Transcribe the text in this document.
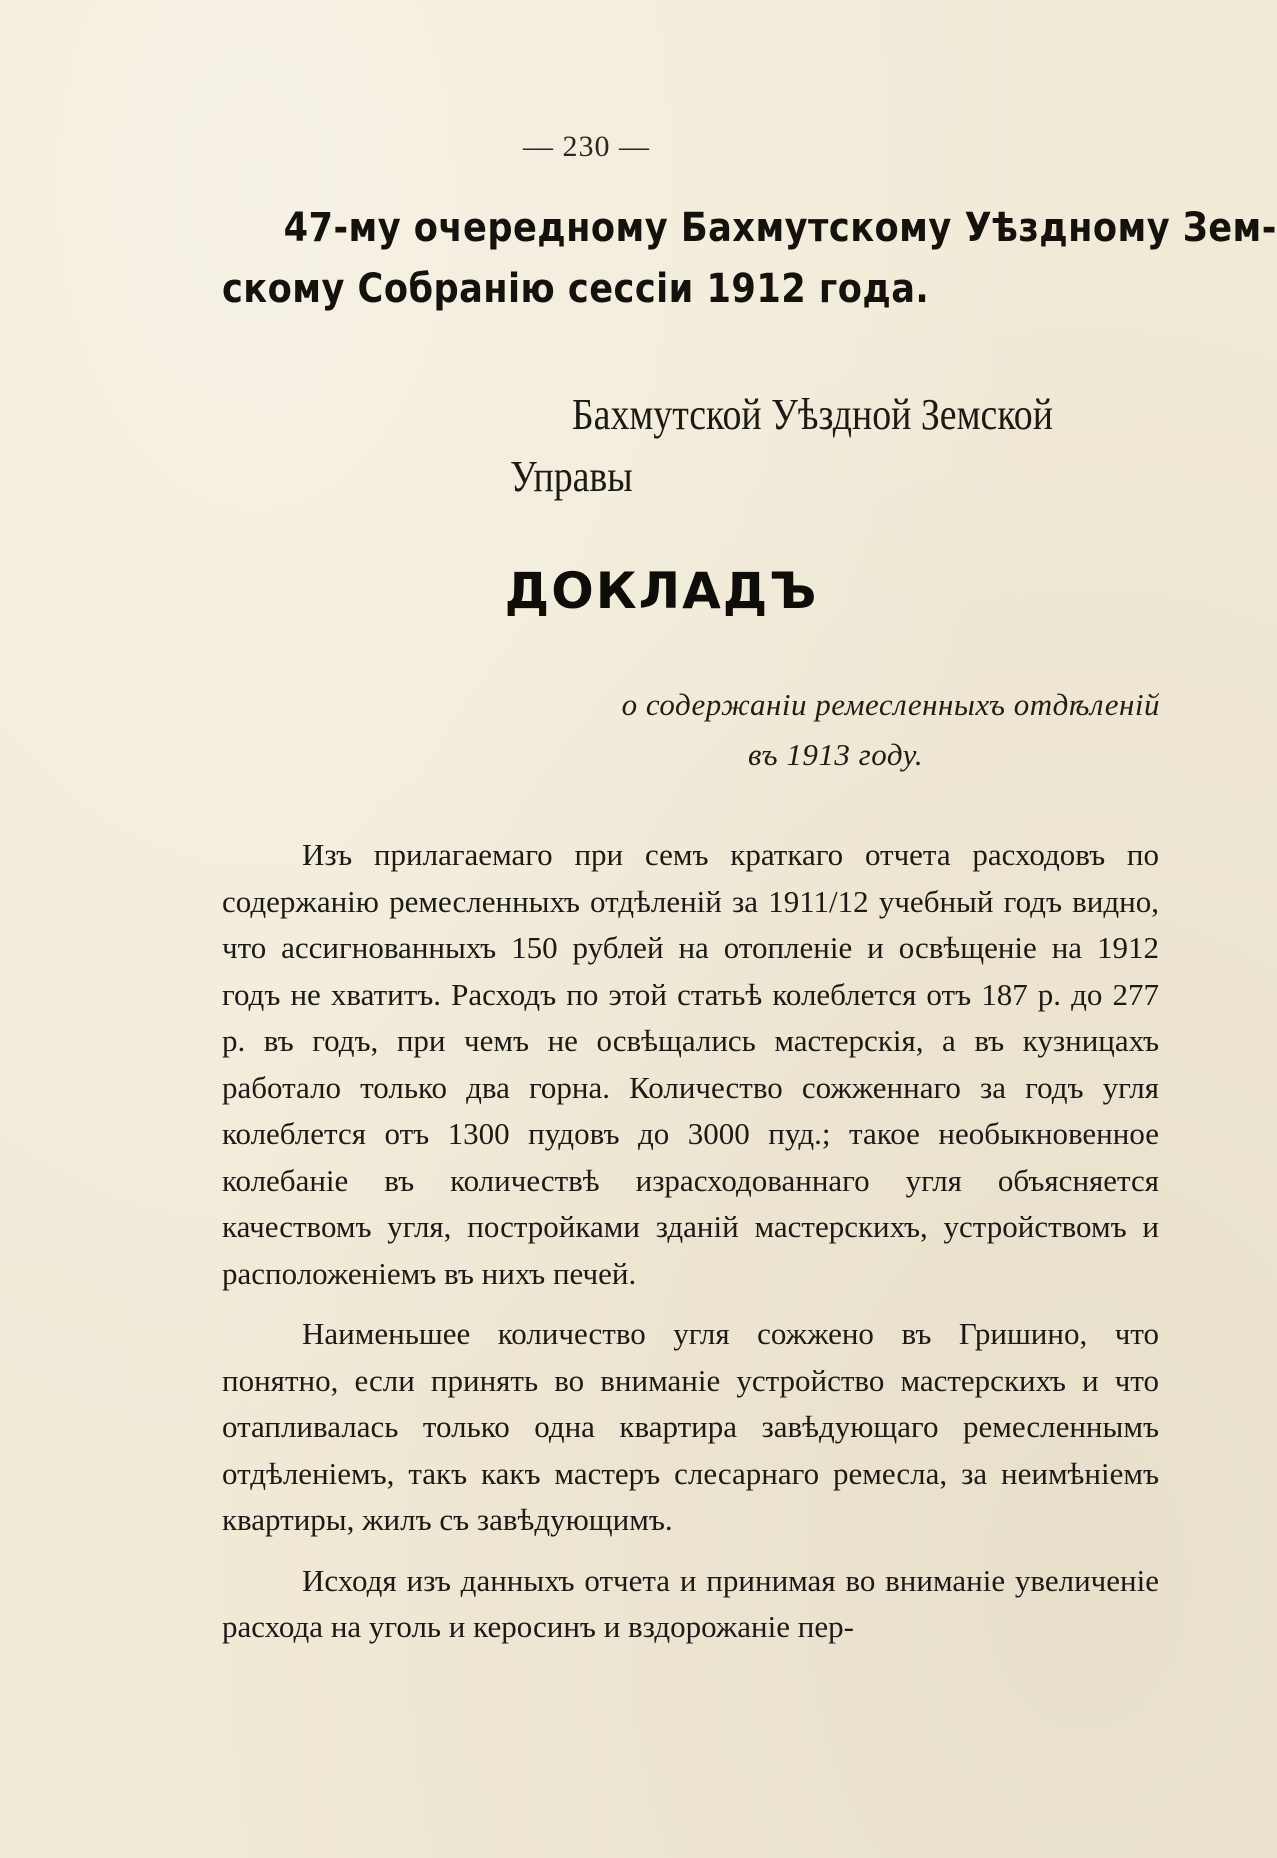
— 230 —
47-му очередному Бахмутскому Уѣздному Зем-
скому Собранію сессіи 1912 года.
Бахмутской Уѣздной Земской
Управы
ДОКЛАДЪ
о содержаніи ремесленныхъ отдѣленій
въ 1913 году.

Изъ прилагаемаго при семъ краткаго отчета расходовъ по содержанію ремесленныхъ отдѣленій за 1911/12 учебный годъ видно, что ассигнованныхъ 150 рублей на отопленіе и освѣщеніе на 1912 годъ не хватитъ. Расходъ по этой статьѣ колеблется отъ 187 р. до 277 р. въ годъ, при чемъ не освѣщались мастерскія, а въ кузницахъ работало только два горна. Количество сожженнаго за годъ угля колеблется отъ 1300 пудовъ до 3000 пуд.; такое необыкновенное колебаніе въ количествѣ израсходованнаго угля объясняется качествомъ угля, постройками зданій мастерскихъ, устройствомъ и расположеніемъ въ нихъ печей.

Наименьшее количество угля сожжено въ Гришино, что понятно, если принять во вниманіе устройство мастерскихъ и что отапливалась только одна квартира завѣдующаго ремесленнымъ отдѣленіемъ, такъ какъ мастеръ слесарнаго ремесла, за неимѣніемъ квартиры, жилъ съ завѣдующимъ.

Исходя изъ данныхъ отчета и принимая во вниманіе увеличеніе расхода на уголь и керосинъ и вздорожаніе пер-
